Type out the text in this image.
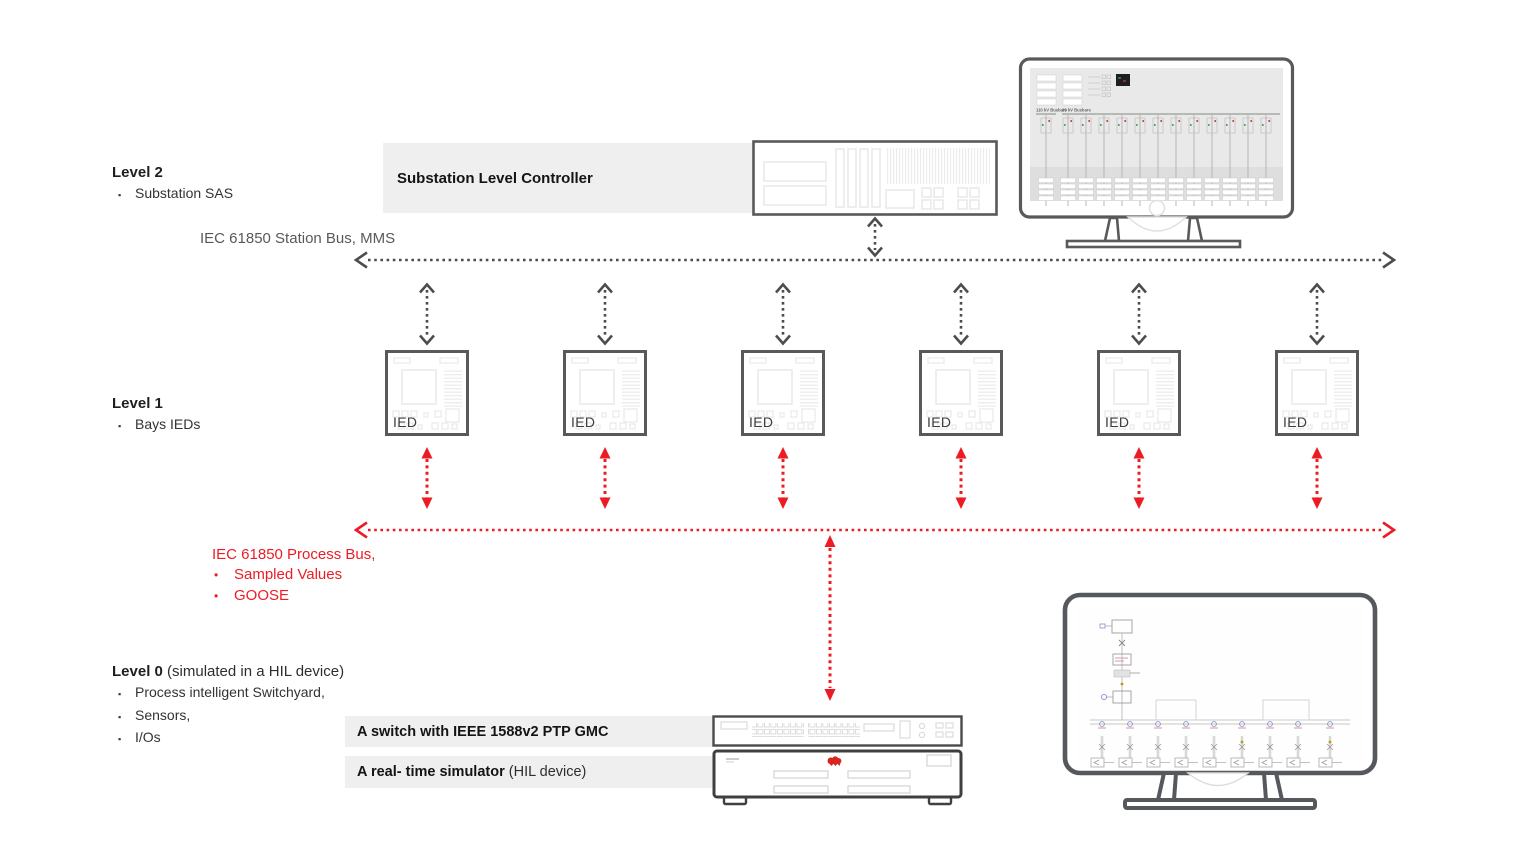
Level 2
▪ Substation SAS
IEC 61850 Station Bus, MMS
Level 1
▪ Bays IEDs
IEC 61850 Process Bus,
•	Sampled Values
•	GOOSE
Level 0 (simulated in a HIL device)
▪ Process intelligent Switchyard,
▪ Sensors,
▪ I/Os
Substation Level Controller
A switch with IEEE 1588v2 PTP GMC
A real- time simulator (HIL device)
IED	IED	IED	IED	IED	IED
110 kV Busbars
20 kV Busbars
